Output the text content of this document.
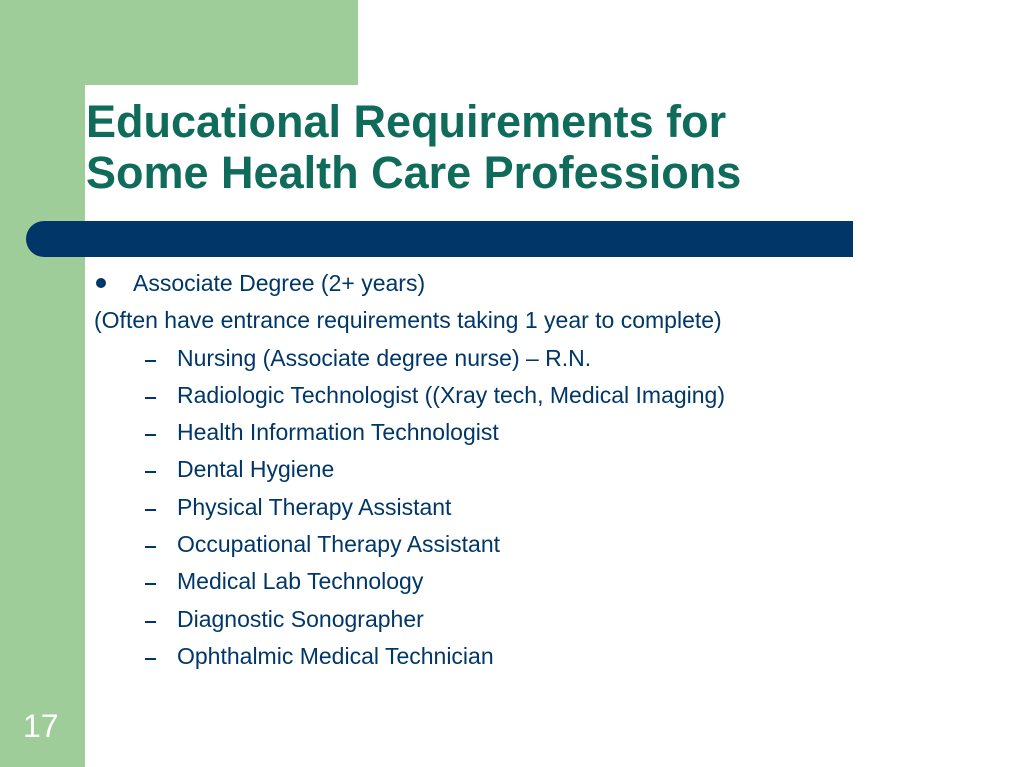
Educational Requirements for
Some Health Care Professions
Associate Degree (2+ years)
(Often have entrance requirements taking 1 year to complete)
Nursing (Associate degree nurse) – R.N.
Radiologic Technologist ((Xray tech, Medical Imaging)
Health Information Technologist
Dental Hygiene
Physical Therapy Assistant
Occupational Therapy Assistant
Medical Lab Technology
Diagnostic Sonographer
Ophthalmic Medical Technician
17
